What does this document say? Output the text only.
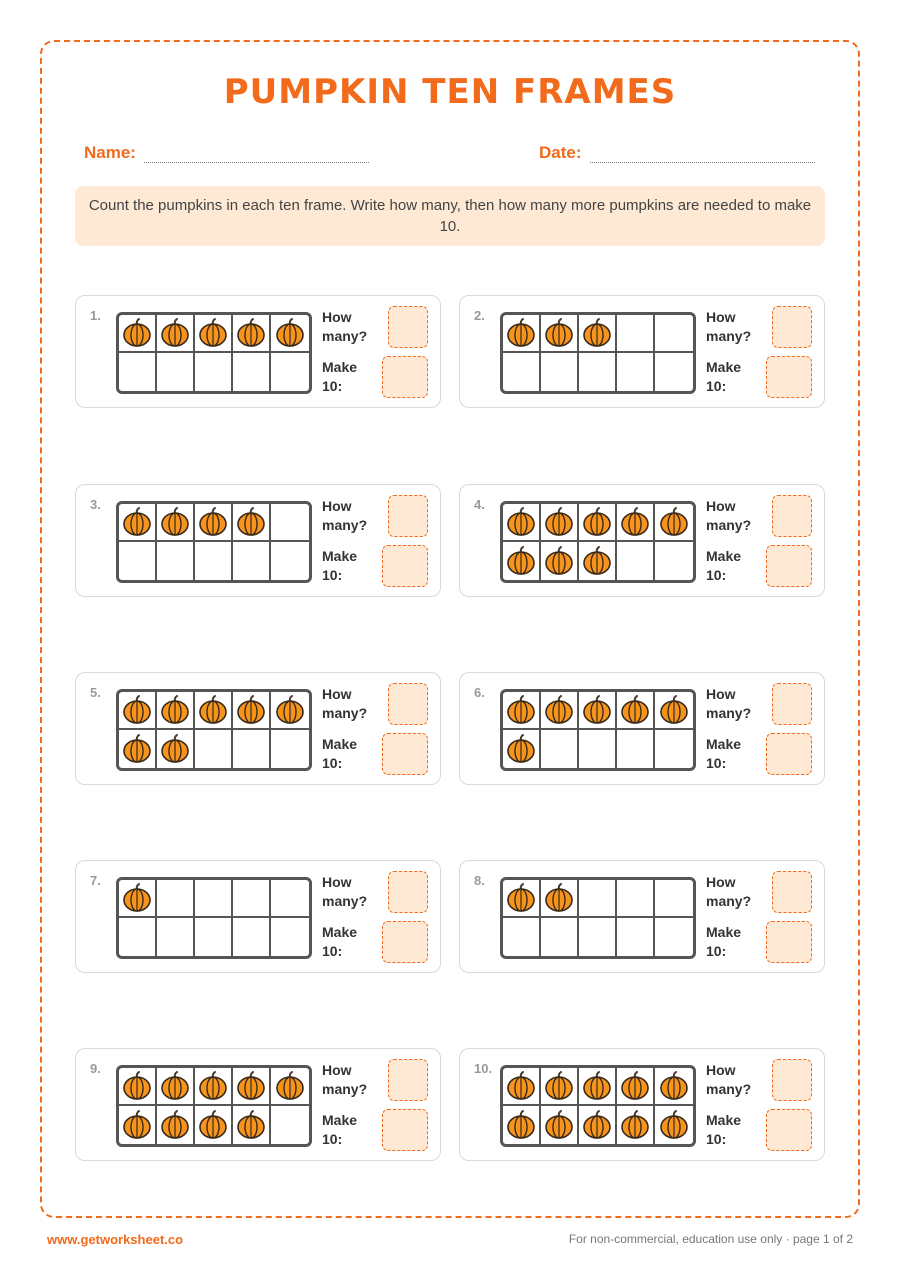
PUMPKIN TEN FRAMES
Name:	Date:
Count the pumpkins in each ten frame. Write how many, then how many more pumpkins are needed to make 10.
1.	How many?
Make 10:
2.	How many?
Make 10:
3.	How many?
Make 10:
4.	How many?
Make 10:
5.	How many?
Make 10:
6.	How many?
Make 10:
7.	How many?
Make 10:
8.	How many?
Make 10:
9.	How many?
Make 10:
10.	How many?
Make 10:
www.getworksheet.co	For non-commercial, education use only · page 1 of 2
